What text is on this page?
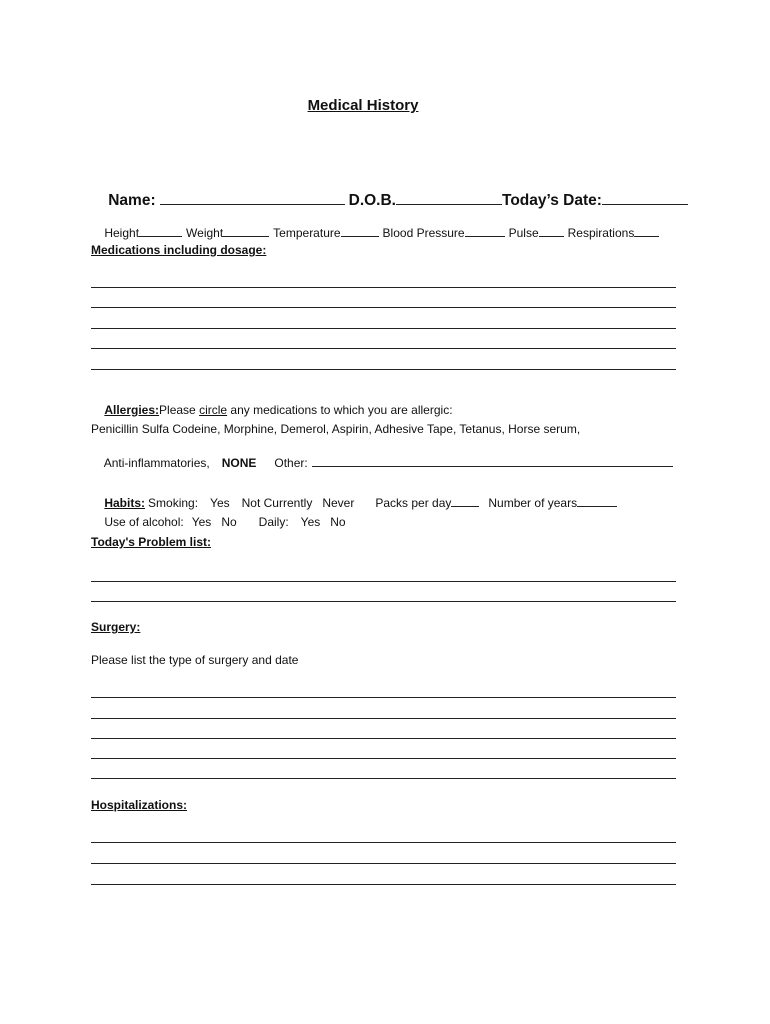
Medical History

Name:	D.O.B.	Today’s Date:

Height	Weight	Temperature	Blood Pressure	Pulse Respirations

Medications including dosage:

Allergies:Please circle any medications to which you are allergic:

Penicillin Sulfa Codeine, Morphine, Demerol, Aspirin, Adhesive Tape, Tetanus, Horse serum,

Anti-inflammatories, NONE Other:

Habits: Smoking: Yes Not Currently Never Packs per day	Number of years

Use of alcohol: Yes No Daily: Yes No

Today's Problem list:
Surgery:
Please list the type of surgery and date
Hospitalizations:
